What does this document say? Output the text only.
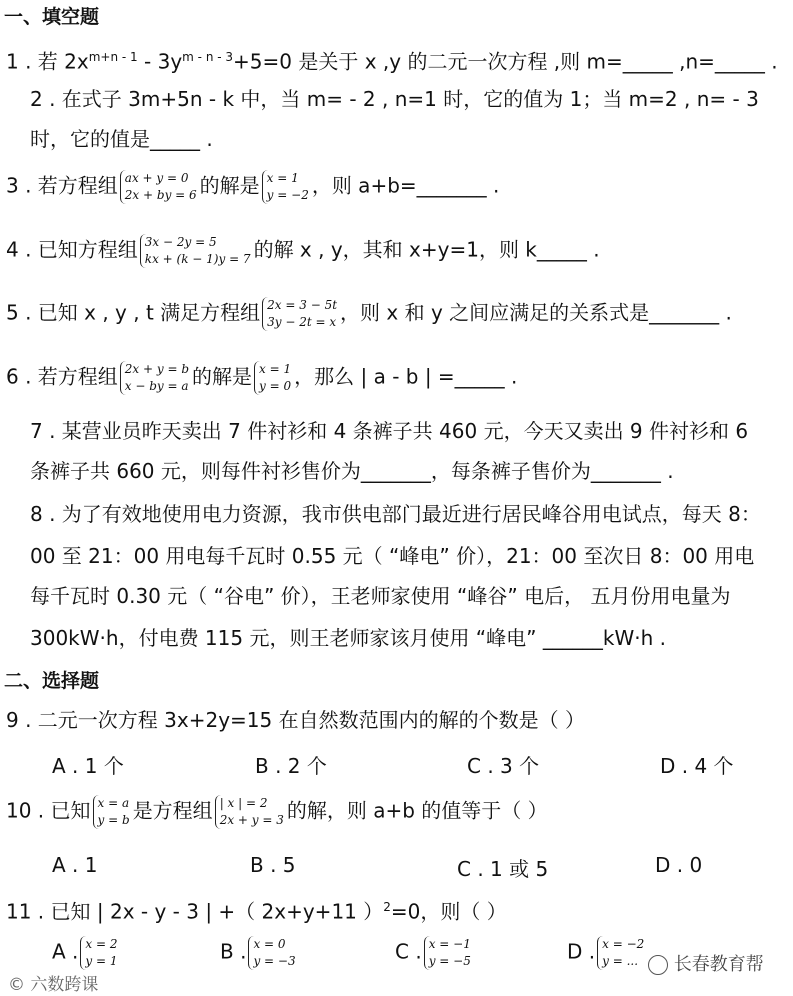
一、填空题
1 . 若 $2x^{m+n - 1} - 3y^{m - n - 3}+5=0$ 是关于 x ,y 的二元一次方程 ,则 m=_____ ,n=_____ .
2 . 在式子 3m+5n - k 中，当 m= - 2 , n=1 时，它的值为 1；当 m=2 , n= - 3
时，它的值是_____ .
3 . 若方程组 ax + y = 0
2x + by = 6 的解是 x = 1
y = −2 ，则 a+b=_______ .
4 . 已知方程组 3x − 2y = 5
kx + (k − 1)y = 7 的解 x , y，其和 x+y=1，则 k_____ .
5 . 已知 x , y , t 满足方程组 2x = 3 − 5t
3y − 2t = x ，则 x 和 y 之间应满足的关系式是_______ .
6 . 若方程组 2x + y = b
x − by = a 的解是 x = 1
y = 0 ，那么 | a - b | =_____ .
7 . 某营业员昨天卖出 7 件衬衫和 4 条裤子共 460 元，今天又卖出 9 件衬衫和 6
条裤子共 660 元，则每件衬衫售价为_______，每条裤子售价为_______ .
8 . 为了有效地使用电力资源，我市供电部门最近进行居民峰谷用电试点，每天 8：
00 至 21：00 用电每千瓦时 0.55 元（ “峰电” 价），21：00 至次日 8：00 用电
每千瓦时 0.30 元（ “谷电” 价），王老师家使用 “峰谷” 电后， 五月份用电量为
300kW·h，付电费 115 元，则王老师家该月使用 “峰电” ______kW·h .
二、选择题
9 . 二元一次方程 3x+2y=15 在自然数范围内的解的个数是（ ）
A . 1 个	B . 2 个	C . 3 个	D . 4 个
10 . 已知 x = a
y = b 是方程组 | x | = 2
2x + y = 3 的解，则 a+b 的值等于（ ）
A . 1	B . 5	C . 1 或 5	D . 0
11 . 已知 | 2x - y - 3 | +（ 2x+y+11 ）$^2$=0，则（ ）
A . x = 2
y = 1	B . x = 0
y = −3	C . x = −1
y = −5	D . x = −2
y = ...
© 六数跨课
长春教育帮
